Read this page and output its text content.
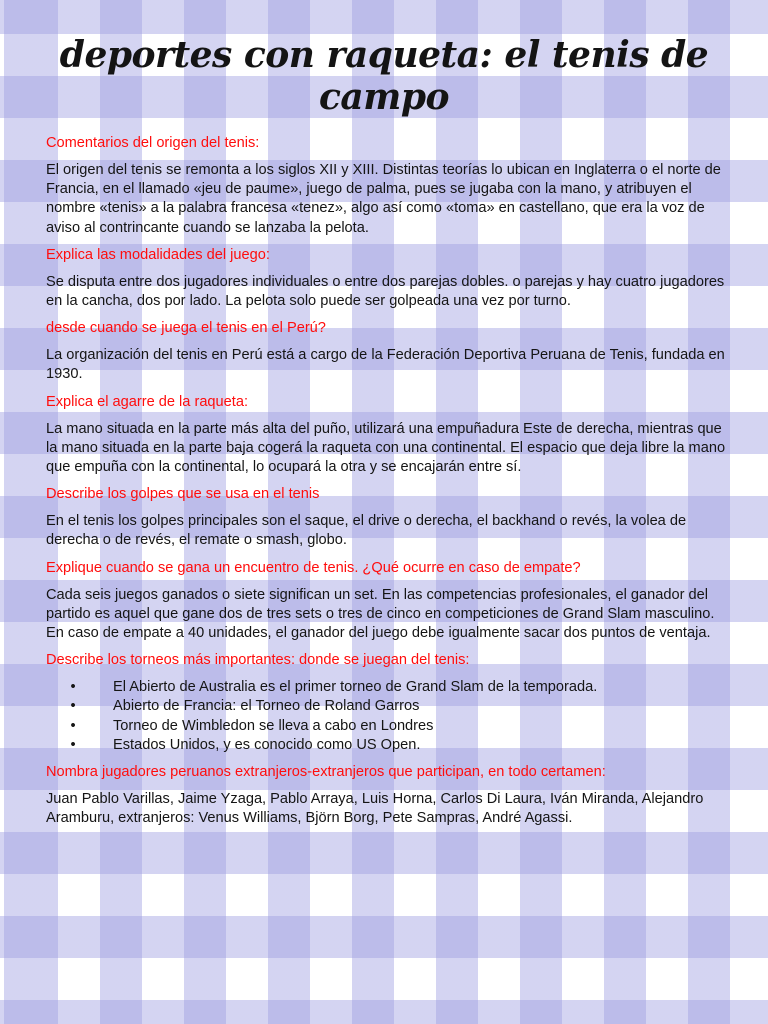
deportes con raqueta: el tenis de campo

Comentarios del origen del tenis:

El origen del tenis se remonta a los siglos XII y XIII. Distintas teorías lo ubican en Inglaterra o el norte de Francia, en el llamado «jeu de paume», juego de palma, pues se jugaba con la mano, y atribuyen el nombre «tenis» a la palabra francesa «tenez», algo así como «toma» en castellano, que era la voz de aviso al contrincante cuando se lanzaba la pelota.

Explica las modalidades del juego:

Se disputa entre dos jugadores individuales o entre dos parejas dobles. o parejas y hay cuatro jugadores en la cancha, dos por lado. La pelota solo puede ser golpeada una vez por turno.

desde cuando se juega el tenis en el Perú?

La organización del tenis en Perú está a cargo de la Federación Deportiva Peruana de Tenis, fundada en 1930.

Explica el agarre de la raqueta:

La mano situada en la parte más alta del puño, utilizará una empuñadura Este de derecha, mientras que la mano situada en la parte baja cogerá la raqueta con una continental. El espacio que deja libre la mano que empuña con la continental, lo ocupará la otra y se encajarán entre sí.

Describe los golpes que se usa en el tenis

En el tenis los golpes principales son el saque, el drive o derecha, el backhand o revés, la volea de derecha o de revés, el remate o smash, globo.

Explique cuando se gana un encuentro de tenis. ¿Qué ocurre en caso de empate?

Cada seis juegos ganados o siete significan un set. En las competencias profesionales, el ganador del partido es aquel que gane dos de tres sets o tres de cinco en competiciones de Grand Slam masculino. En caso de empate a 40 unidades, el ganador del juego debe igualmente sacar dos puntos de ventaja.

Describe los torneos más importantes: donde se juegan del tenis:

•	El Abierto de Australia es el primer torneo de Grand Slam de la temporada.
•	Abierto de Francia: el Torneo de Roland Garros
•	Torneo de Wimbledon se lleva a cabo en Londres
•	Estados Unidos, y es conocido como US Open.

Nombra jugadores peruanos extranjeros-extranjeros que participan, en todo certamen:

Juan Pablo Varillas, Jaime Yzaga, Pablo Arraya, Luis Horna, Carlos Di Laura, Iván Miranda, Alejandro Aramburu, extranjeros: Venus Williams, Björn Borg, Pete Sampras, André Agassi.
